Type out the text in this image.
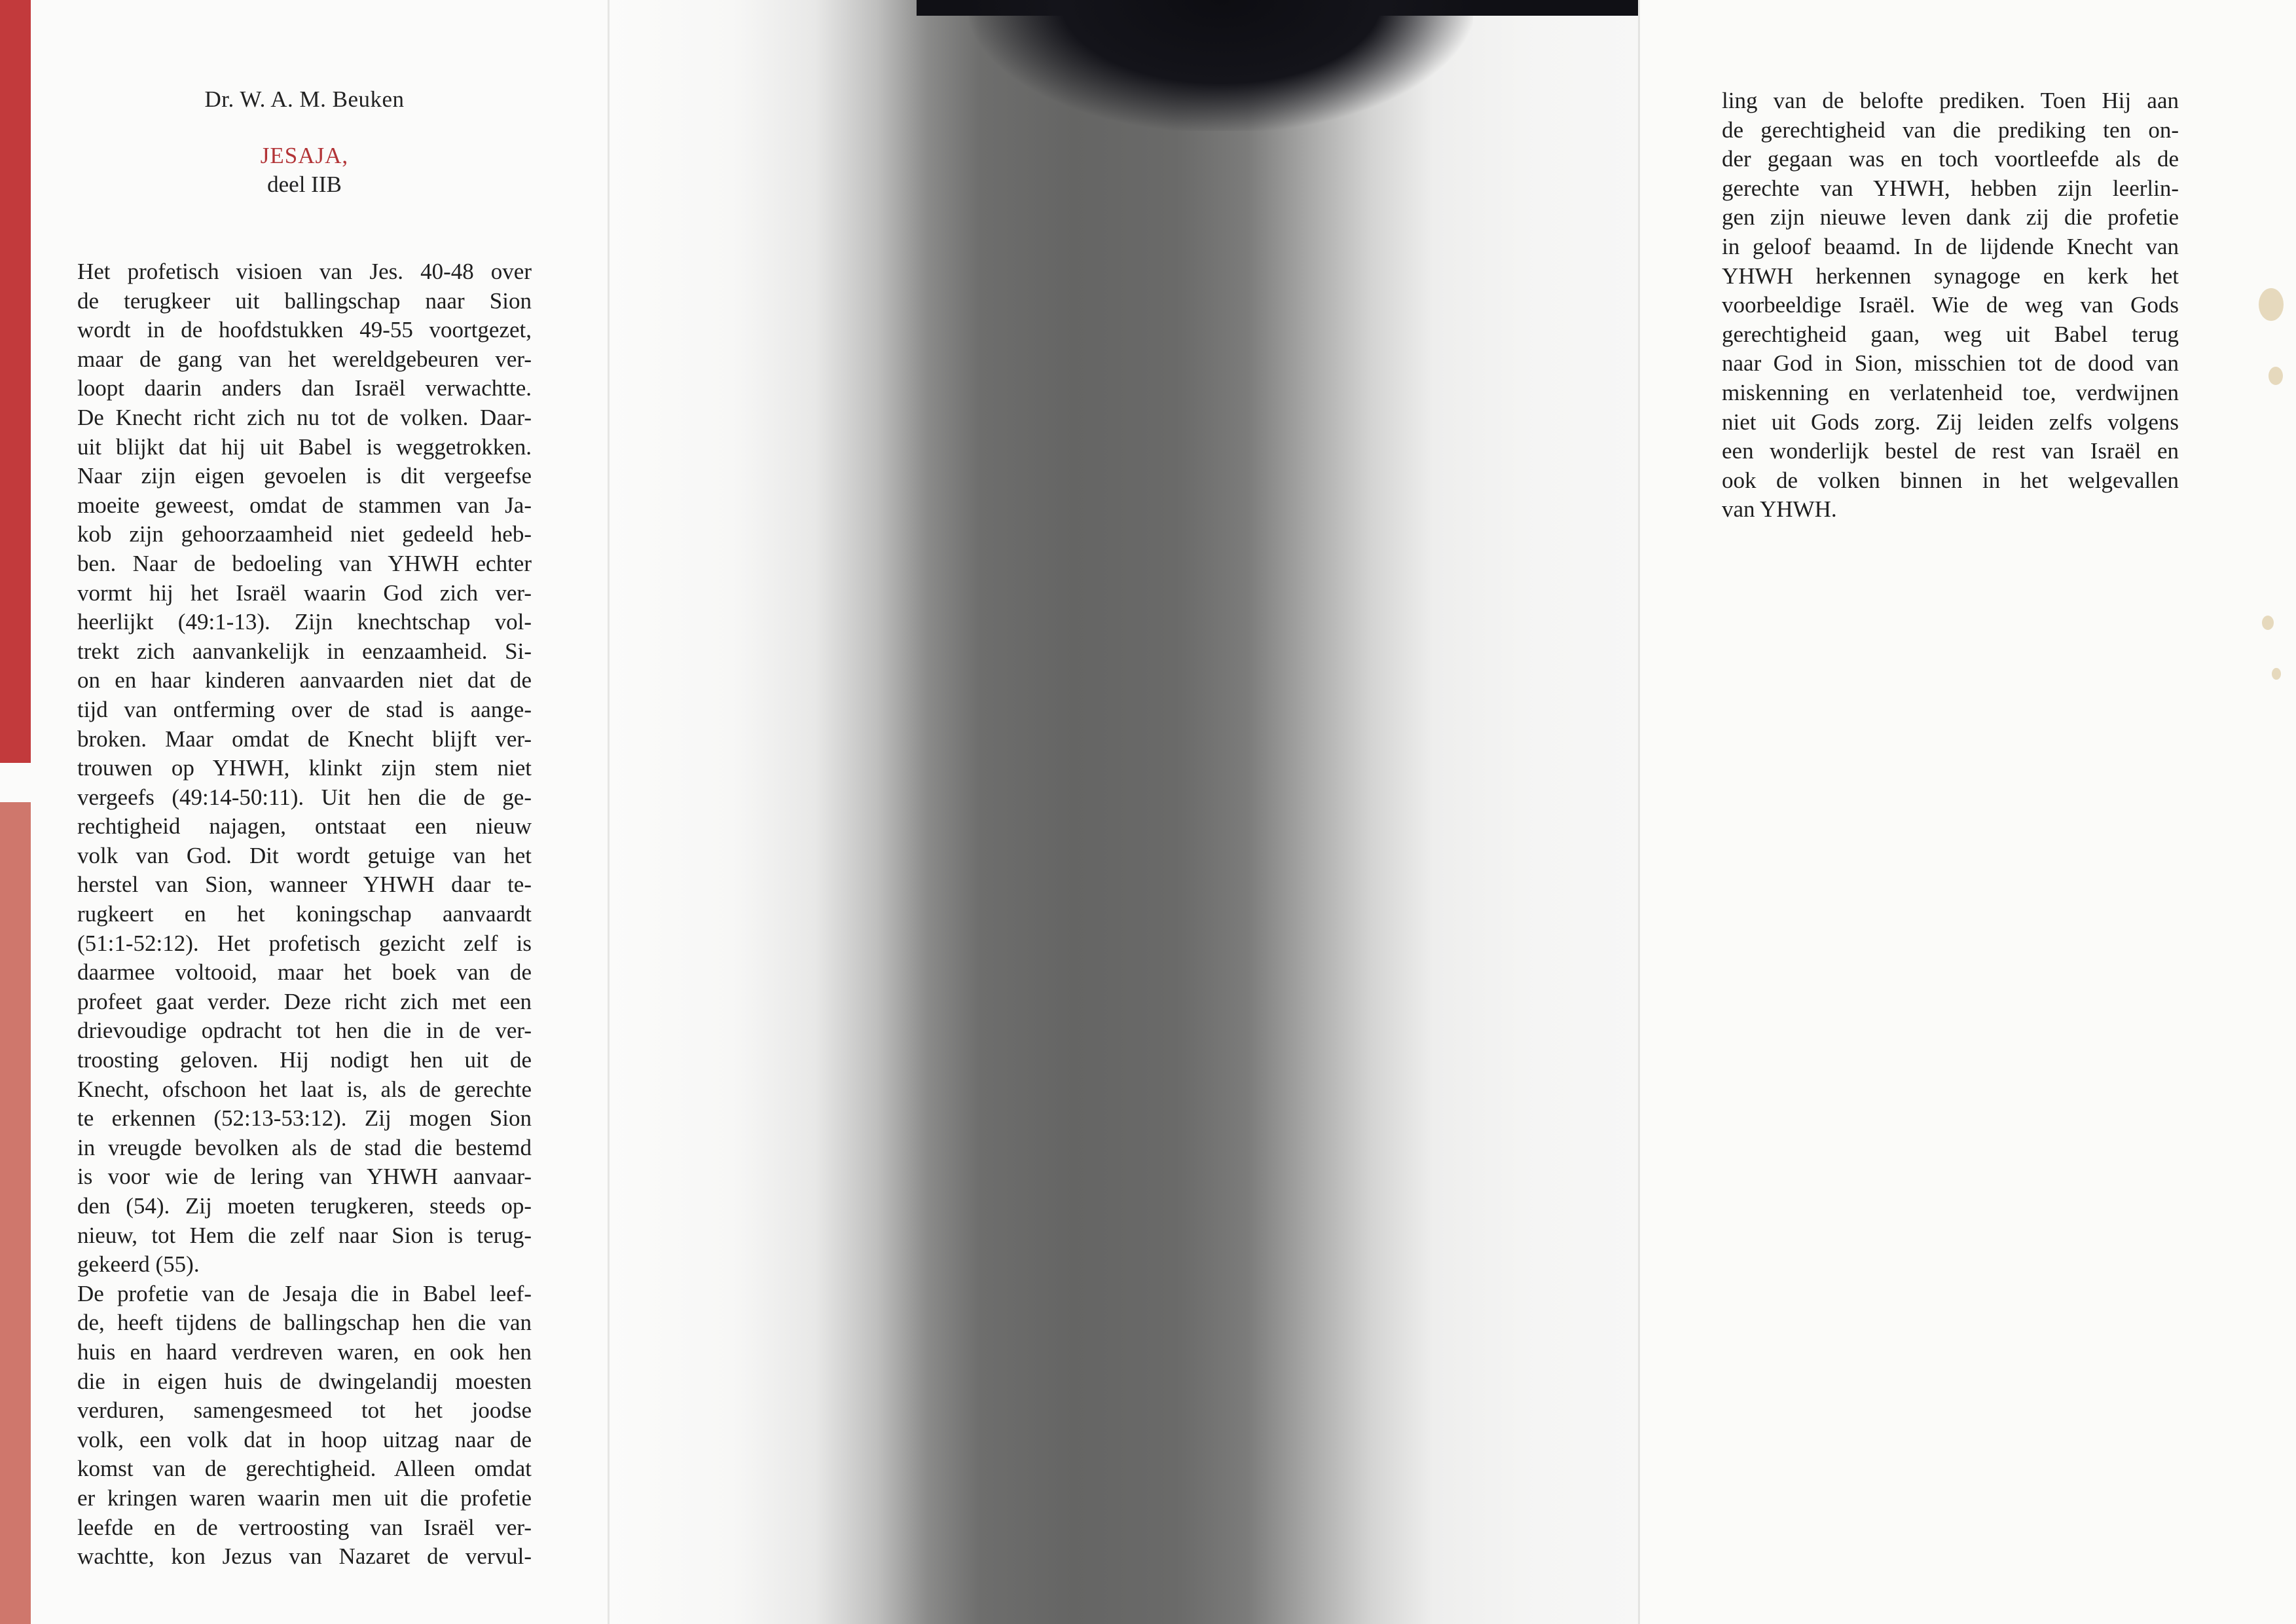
Dr. W. A. M. Beuken
JESAJA,
deel IIB
Het profetisch visioen van Jes. 40-48 over
de terugkeer uit ballingschap naar Sion
wordt in de hoofdstukken 49-55 voortgezet,
maar de gang van het wereldgebeuren ver-
loopt daarin anders dan Israël verwachtte.
De Knecht richt zich nu tot de volken. Daar-
uit blijkt dat hij uit Babel is weggetrokken.
Naar zijn eigen gevoelen is dit vergeefse
moeite geweest, omdat de stammen van Ja-
kob zijn gehoorzaamheid niet gedeeld heb-
ben. Naar de bedoeling van YHWH echter
vormt hij het Israël waarin God zich ver-
heerlijkt (49:1-13). Zijn knechtschap vol-
trekt zich aanvankelijk in eenzaamheid. Si-
on en haar kinderen aanvaarden niet dat de
tijd van ontferming over de stad is aange-
broken. Maar omdat de Knecht blijft ver-
trouwen op YHWH, klinkt zijn stem niet
vergeefs (49:14-50:11). Uit hen die de ge-
rechtigheid najagen, ontstaat een nieuw
volk van God. Dit wordt getuige van het
herstel van Sion, wanneer YHWH daar te-
rugkeert en het koningschap aanvaardt
(51:1-52:12). Het profetisch gezicht zelf is
daarmee voltooid, maar het boek van de
profeet gaat verder. Deze richt zich met een
drievoudige opdracht tot hen die in de ver-
troosting geloven. Hij nodigt hen uit de
Knecht, ofschoon het laat is, als de gerechte
te erkennen (52:13-53:12). Zij mogen Sion
in vreugde bevolken als de stad die bestemd
is voor wie de lering van YHWH aanvaar-
den (54). Zij moeten terugkeren, steeds op-
nieuw, tot Hem die zelf naar Sion is terug-
gekeerd (55).
De profetie van de Jesaja die in Babel leef-
de, heeft tijdens de ballingschap hen die van
huis en haard verdreven waren, en ook hen
die in eigen huis de dwingelandij moesten
verduren, samengesmeed tot het joodse
volk, een volk dat in hoop uitzag naar de
komst van de gerechtigheid. Alleen omdat
er kringen waren waarin men uit die profetie
leefde en de vertroosting van Israël ver-
wachtte, kon Jezus van Nazaret de vervul-
ling van de belofte prediken. Toen Hij aan
de gerechtigheid van die prediking ten on-
der gegaan was en toch voortleefde als de
gerechte van YHWH, hebben zijn leerlin-
gen zijn nieuwe leven dank zij die profetie
in geloof beaamd. In de lijdende Knecht van
YHWH herkennen synagoge en kerk het
voorbeeldige Israël. Wie de weg van Gods
gerechtigheid gaan, weg uit Babel terug
naar God in Sion, misschien tot de dood van
miskenning en verlatenheid toe, verdwijnen
niet uit Gods zorg. Zij leiden zelfs volgens
een wonderlijk bestel de rest van Israël en
ook de volken binnen in het welgevallen
van YHWH.
